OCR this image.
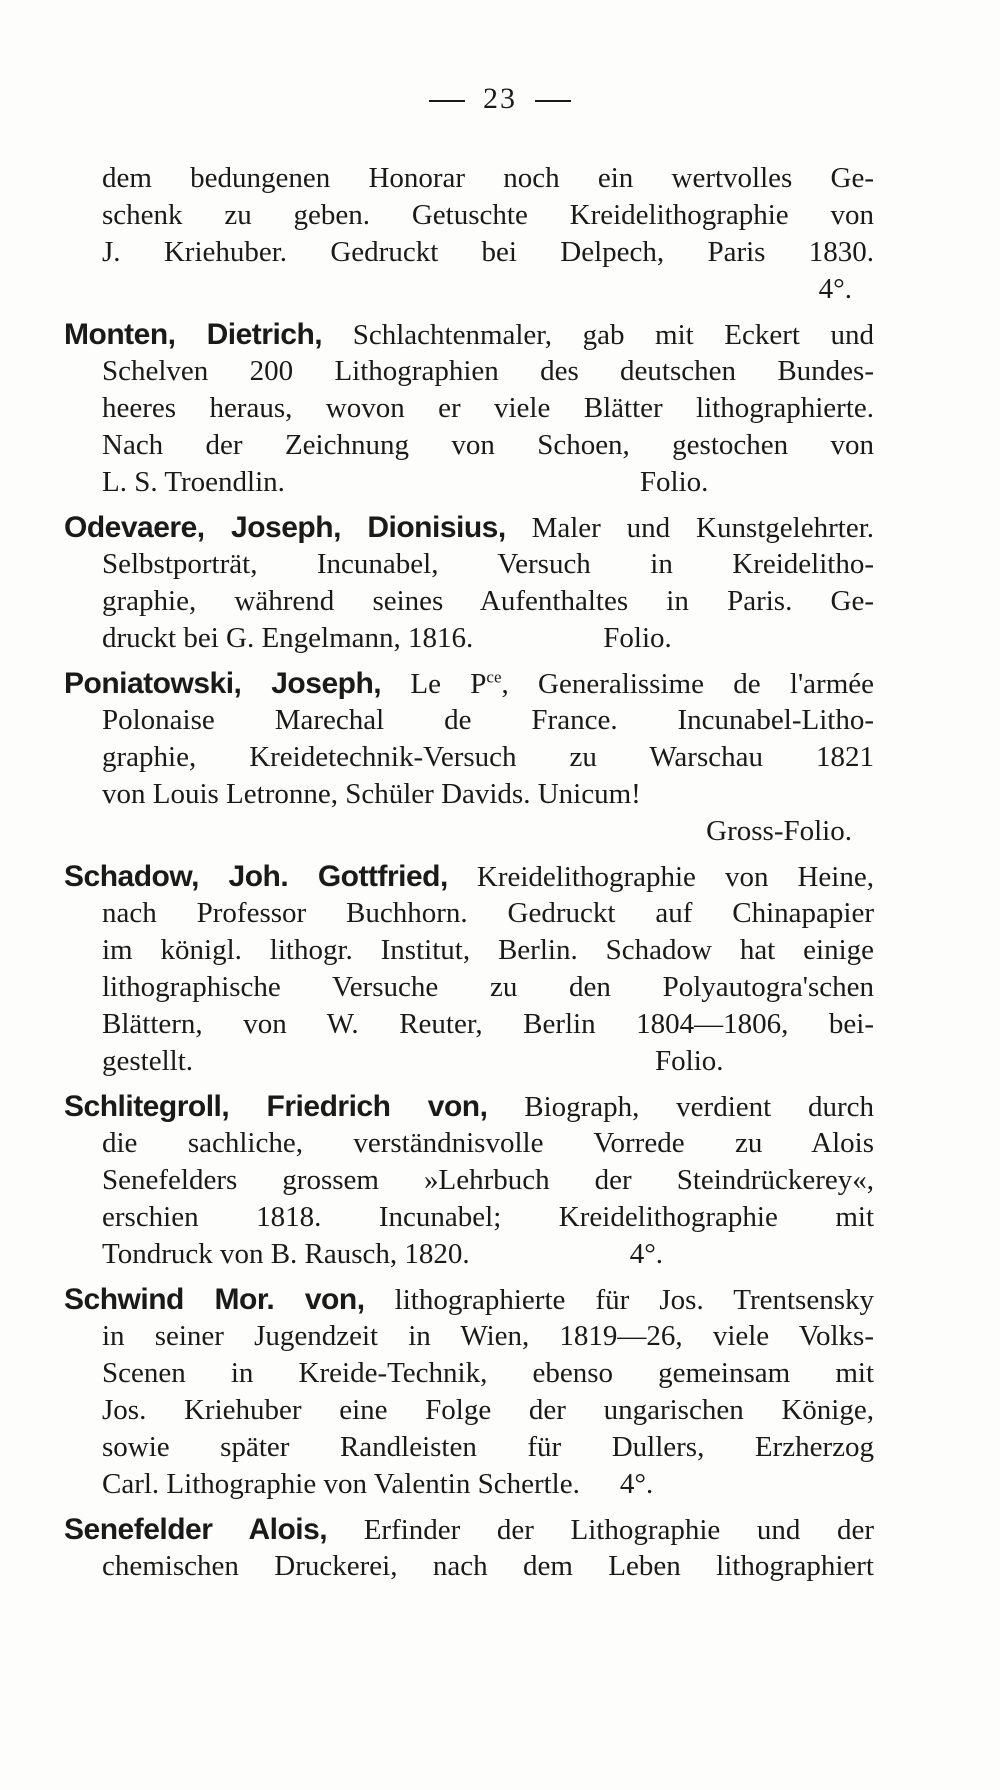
23
dem bedungenen Honorar noch ein wertvolles Ge-
schenk zu geben. Getuschte Kreidelithographie von
J. Kriehuber. Gedruckt bei Delpech, Paris 1830.
4°.
Monten, Dietrich, Schlachtenmaler, gab mit Eckert und
Schelven 200 Lithographien des deutschen Bundes-
heeres heraus, wovon er viele Blätter lithographierte.
Nach der Zeichnung von Schoen, gestochen von
L. S. Troendlin.	Folio.
Odevaere, Joseph, Dionisius, Maler und Kunstgelehrter.
Selbstporträt, Incunabel, Versuch in Kreidelitho-
graphie, während seines Aufenthaltes in Paris. Ge-
druckt bei G. Engelmann, 1816.	Folio.
Poniatowski, Joseph, Le $P^{ce}$, Generalissime de l'armée
Polonaise Marechal de France. Incunabel-Litho-
graphie, Kreidetechnik-Versuch zu Warschau 1821
von Louis Letronne, Schüler Davids. Unicum!
Gross-Folio.
Schadow, Joh. Gottfried, Kreidelithographie von Heine,
nach Professor Buchhorn. Gedruckt auf Chinapapier
im königl. lithogr. Institut, Berlin. Schadow hat einige
lithographische Versuche zu den Polyautogra'schen
Blättern, von W. Reuter, Berlin 1804—1806, bei-
gestellt.	Folio.
Schlitegroll, Friedrich von, Biograph, verdient durch
die sachliche, verständnisvolle Vorrede zu Alois
Senefelders grossem »Lehrbuch der Steindrückerey«,
erschien 1818. Incunabel; Kreidelithographie mit
Tondruck von B. Rausch, 1820.	4°.
Schwind Mor. von, lithographierte für Jos. Trentsensky
in seiner Jugendzeit in Wien, 1819—26, viele Volks-
Scenen in Kreide-Technik, ebenso gemeinsam mit
Jos. Kriehuber eine Folge der ungarischen Könige,
sowie später Randleisten für Dullers, Erzherzog
Carl. Lithographie von Valentin Schertle. 4°.
Senefelder Alois, Erfinder der Lithographie und der
chemischen Druckerei, nach dem Leben lithographiert
